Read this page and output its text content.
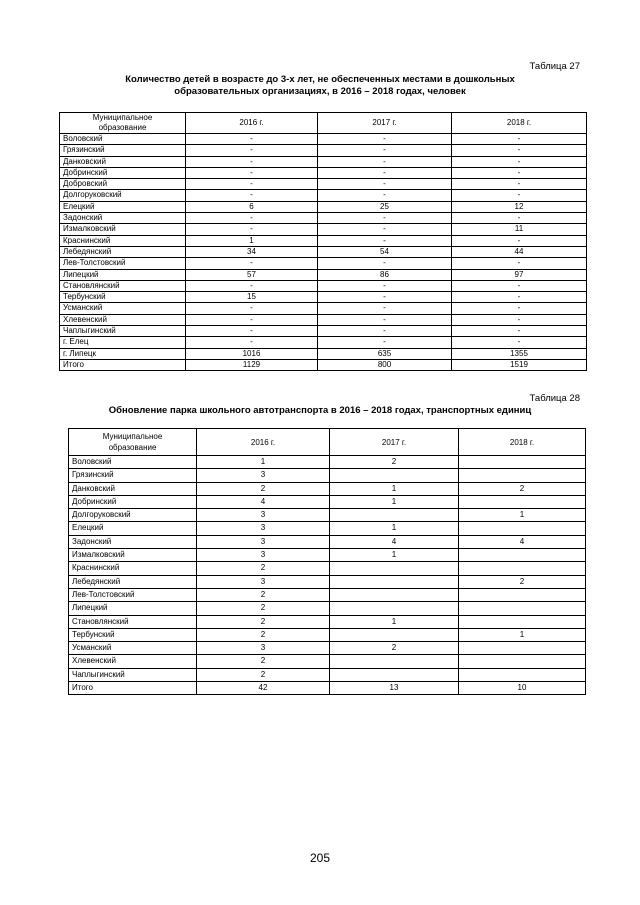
Таблица 27
Количество детей в возрасте до 3-х лет, не обеспеченных местами в дошкольных
образовательных организациях, в 2016 – 2018 годах, человек
Муниципальное образование	2016 г.	2017 г.	2018 г.
Воловский	-	-	-
Грязинский	-	-	-
Данковский	-	-	-
Добринский	-	-	-
Добровский	-	-	-
Долгоруковский	-	-	-
Елецкий	6	25	12
Задонский	-	-	-
Измалковский	-	-	11
Краснинский	1	-	-
Лебедянский	34	54	44
Лев-Толстовский	-	-	-
Липецкий	57	86	97
Становлянский	-	-	-
Тербунский	15	-	-
Усманский	-	-	-
Хлевенский	-	-	-
Чаплыгинский	-	-	-
г. Елец	-	-	-
г. Липецк	1016	635	1355
Итого	1129	800	1519
Таблица 28
Обновление парка школьного автотранспорта в 2016 – 2018 годах, транспортных единиц
Муниципальное образование	2016 г.	2017 г.	2018 г.
Воловский	1	2	
Грязинский	3		
Данковский	2	1	2
Добринский	4	1	
Долгоруковский	3		1
Елецкий	3	1	
Задонский	3	4	4
Измалковский	3	1	
Краснинский	2		
Лебедянский	3		2
Лев-Толстовский	2		
Липецкий	2		
Становлянский	2	1	
Тербунский	2		1
Усманский	3	2	
Хлевенский	2		
Чаплыгинский	2		
Итого	42	13	10
205
